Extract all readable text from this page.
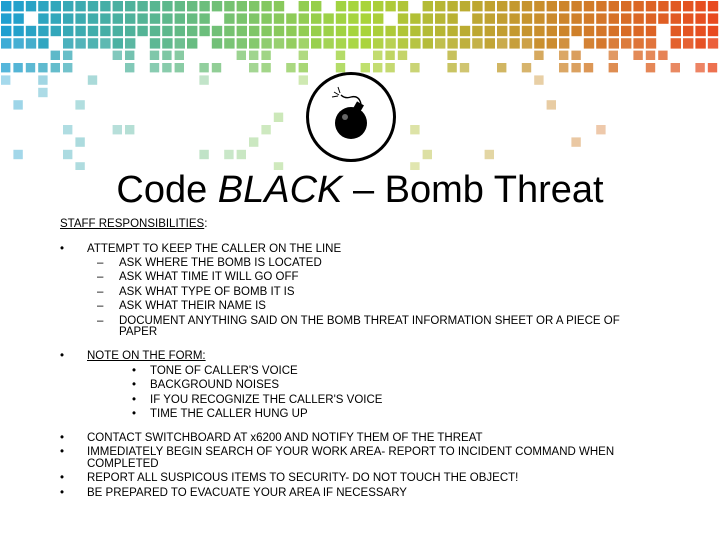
Code BLACK – Bomb Threat
STAFF RESPONSIBILITIES:
• ATTEMPT TO KEEP THE CALLER ON THE LINE
– ASK WHERE THE BOMB IS LOCATED
– ASK WHAT TIME IT WILL GO OFF
– ASK WHAT TYPE OF BOMB IT IS
– ASK WHAT THEIR NAME IS
– DOCUMENT ANYTHING SAID ON THE BOMB THREAT INFORMATION SHEET OR A PIECE OF
PAPER
• NOTE ON THE FORM:
• TONE OF CALLER'S VOICE
• BACKGROUND NOISES
• IF YOU RECOGNIZE THE CALLER'S VOICE
• TIME THE CALLER HUNG UP
• CONTACT SWITCHBOARD AT x6200 AND NOTIFY THEM OF THE THREAT
• IMMEDIATELY BEGIN SEARCH OF YOUR WORK AREA- REPORT TO INCIDENT COMMAND WHEN
COMPLETED
• REPORT ALL SUSPICOUS ITEMS TO SECURITY- DO NOT TOUCH THE OBJECT!
• BE PREPARED TO EVACUATE YOUR AREA IF NECESSARY
